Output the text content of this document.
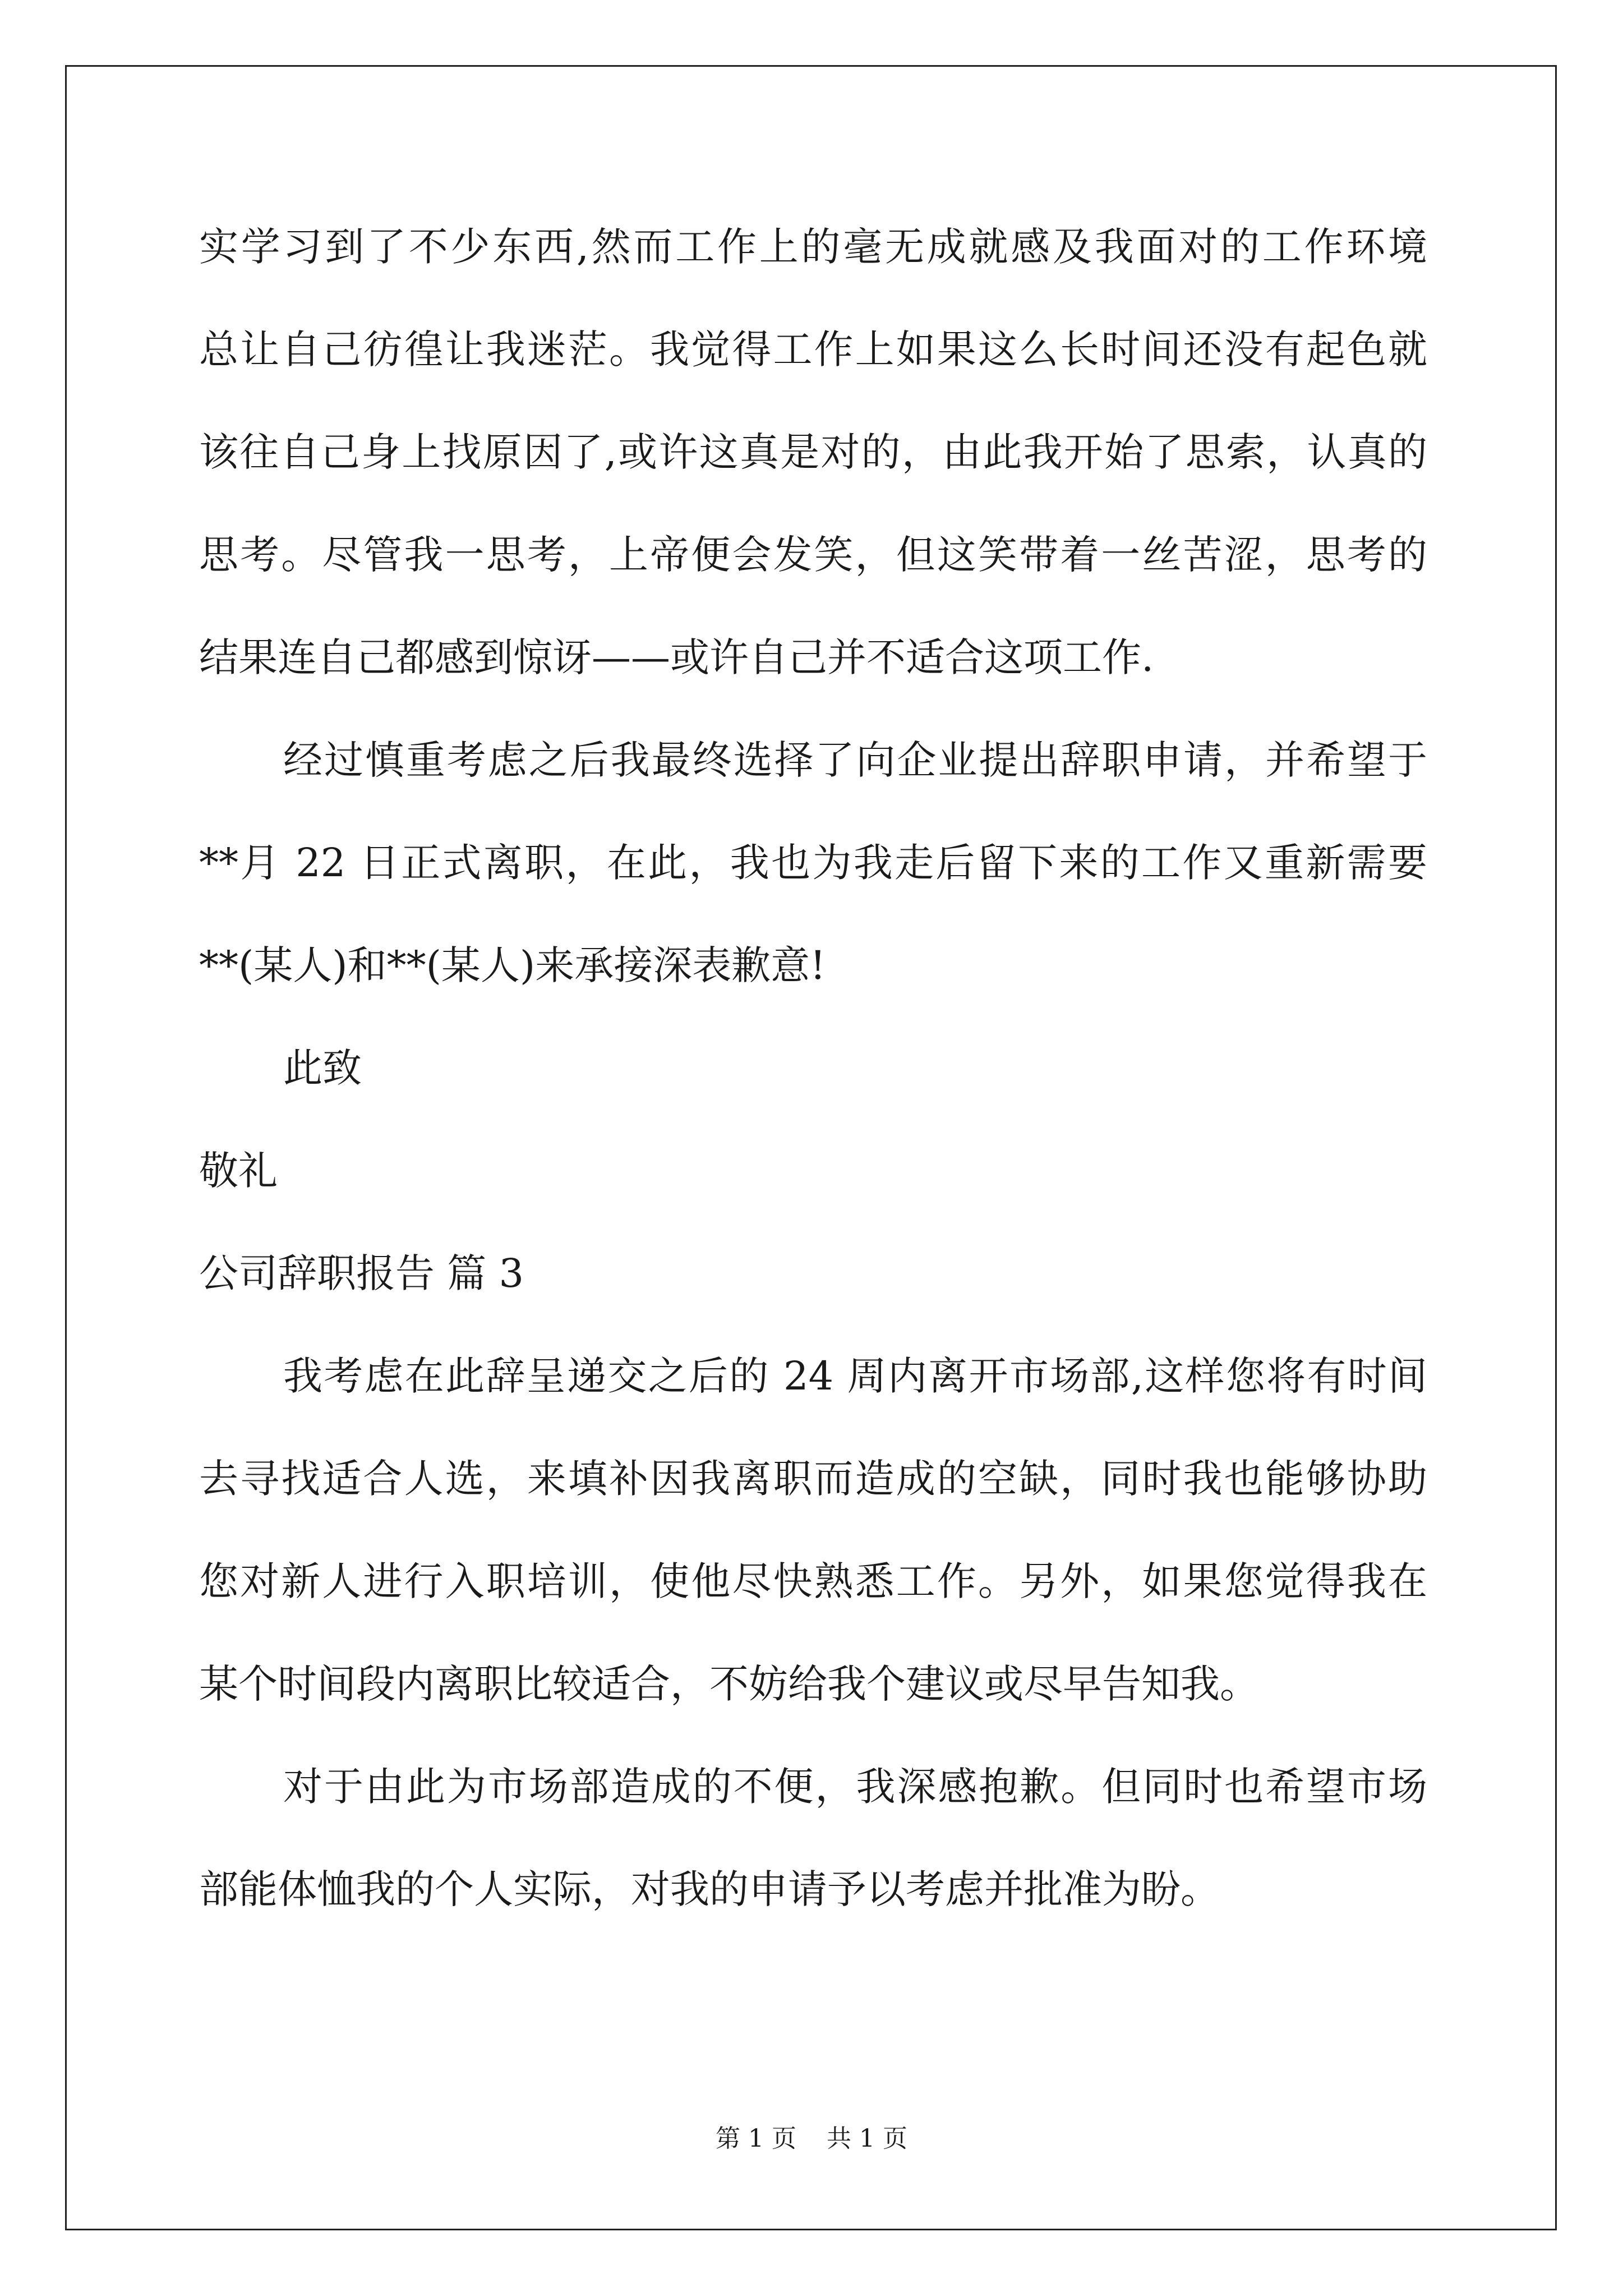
实学习到了不少东西,然而工作上的毫无成就感及我面对的工作环境
总让自己彷徨让我迷茫。我觉得工作上如果这么长时间还没有起色就
该往自己身上找原因了,或许这真是对的，由此我开始了思索，认真的
思考。尽管我一思考，上帝便会发笑，但这笑带着一丝苦涩，思考的
结果连自己都感到惊讶——或许自己并不适合这项工作.
经过慎重考虑之后我最终选择了向企业提出辞职申请，并希望于
**月 22 日正式离职，在此，我也为我走后留下来的工作又重新需要
**(某人)和**(某人)来承接深表歉意!
此致
敬礼
公司辞职报告 篇 3
我考虑在此辞呈递交之后的 24 周内离开市场部,这样您将有时间
去寻找适合人选，来填补因我离职而造成的空缺，同时我也能够协助
您对新人进行入职培训，使他尽快熟悉工作。另外，如果您觉得我在
某个时间段内离职比较适合，不妨给我个建议或尽早告知我。
对于由此为市场部造成的不便，我深感抱歉。但同时也希望市场
部能体恤我的个人实际，对我的申请予以考虑并批准为盼。
第 1 页 共 1 页
